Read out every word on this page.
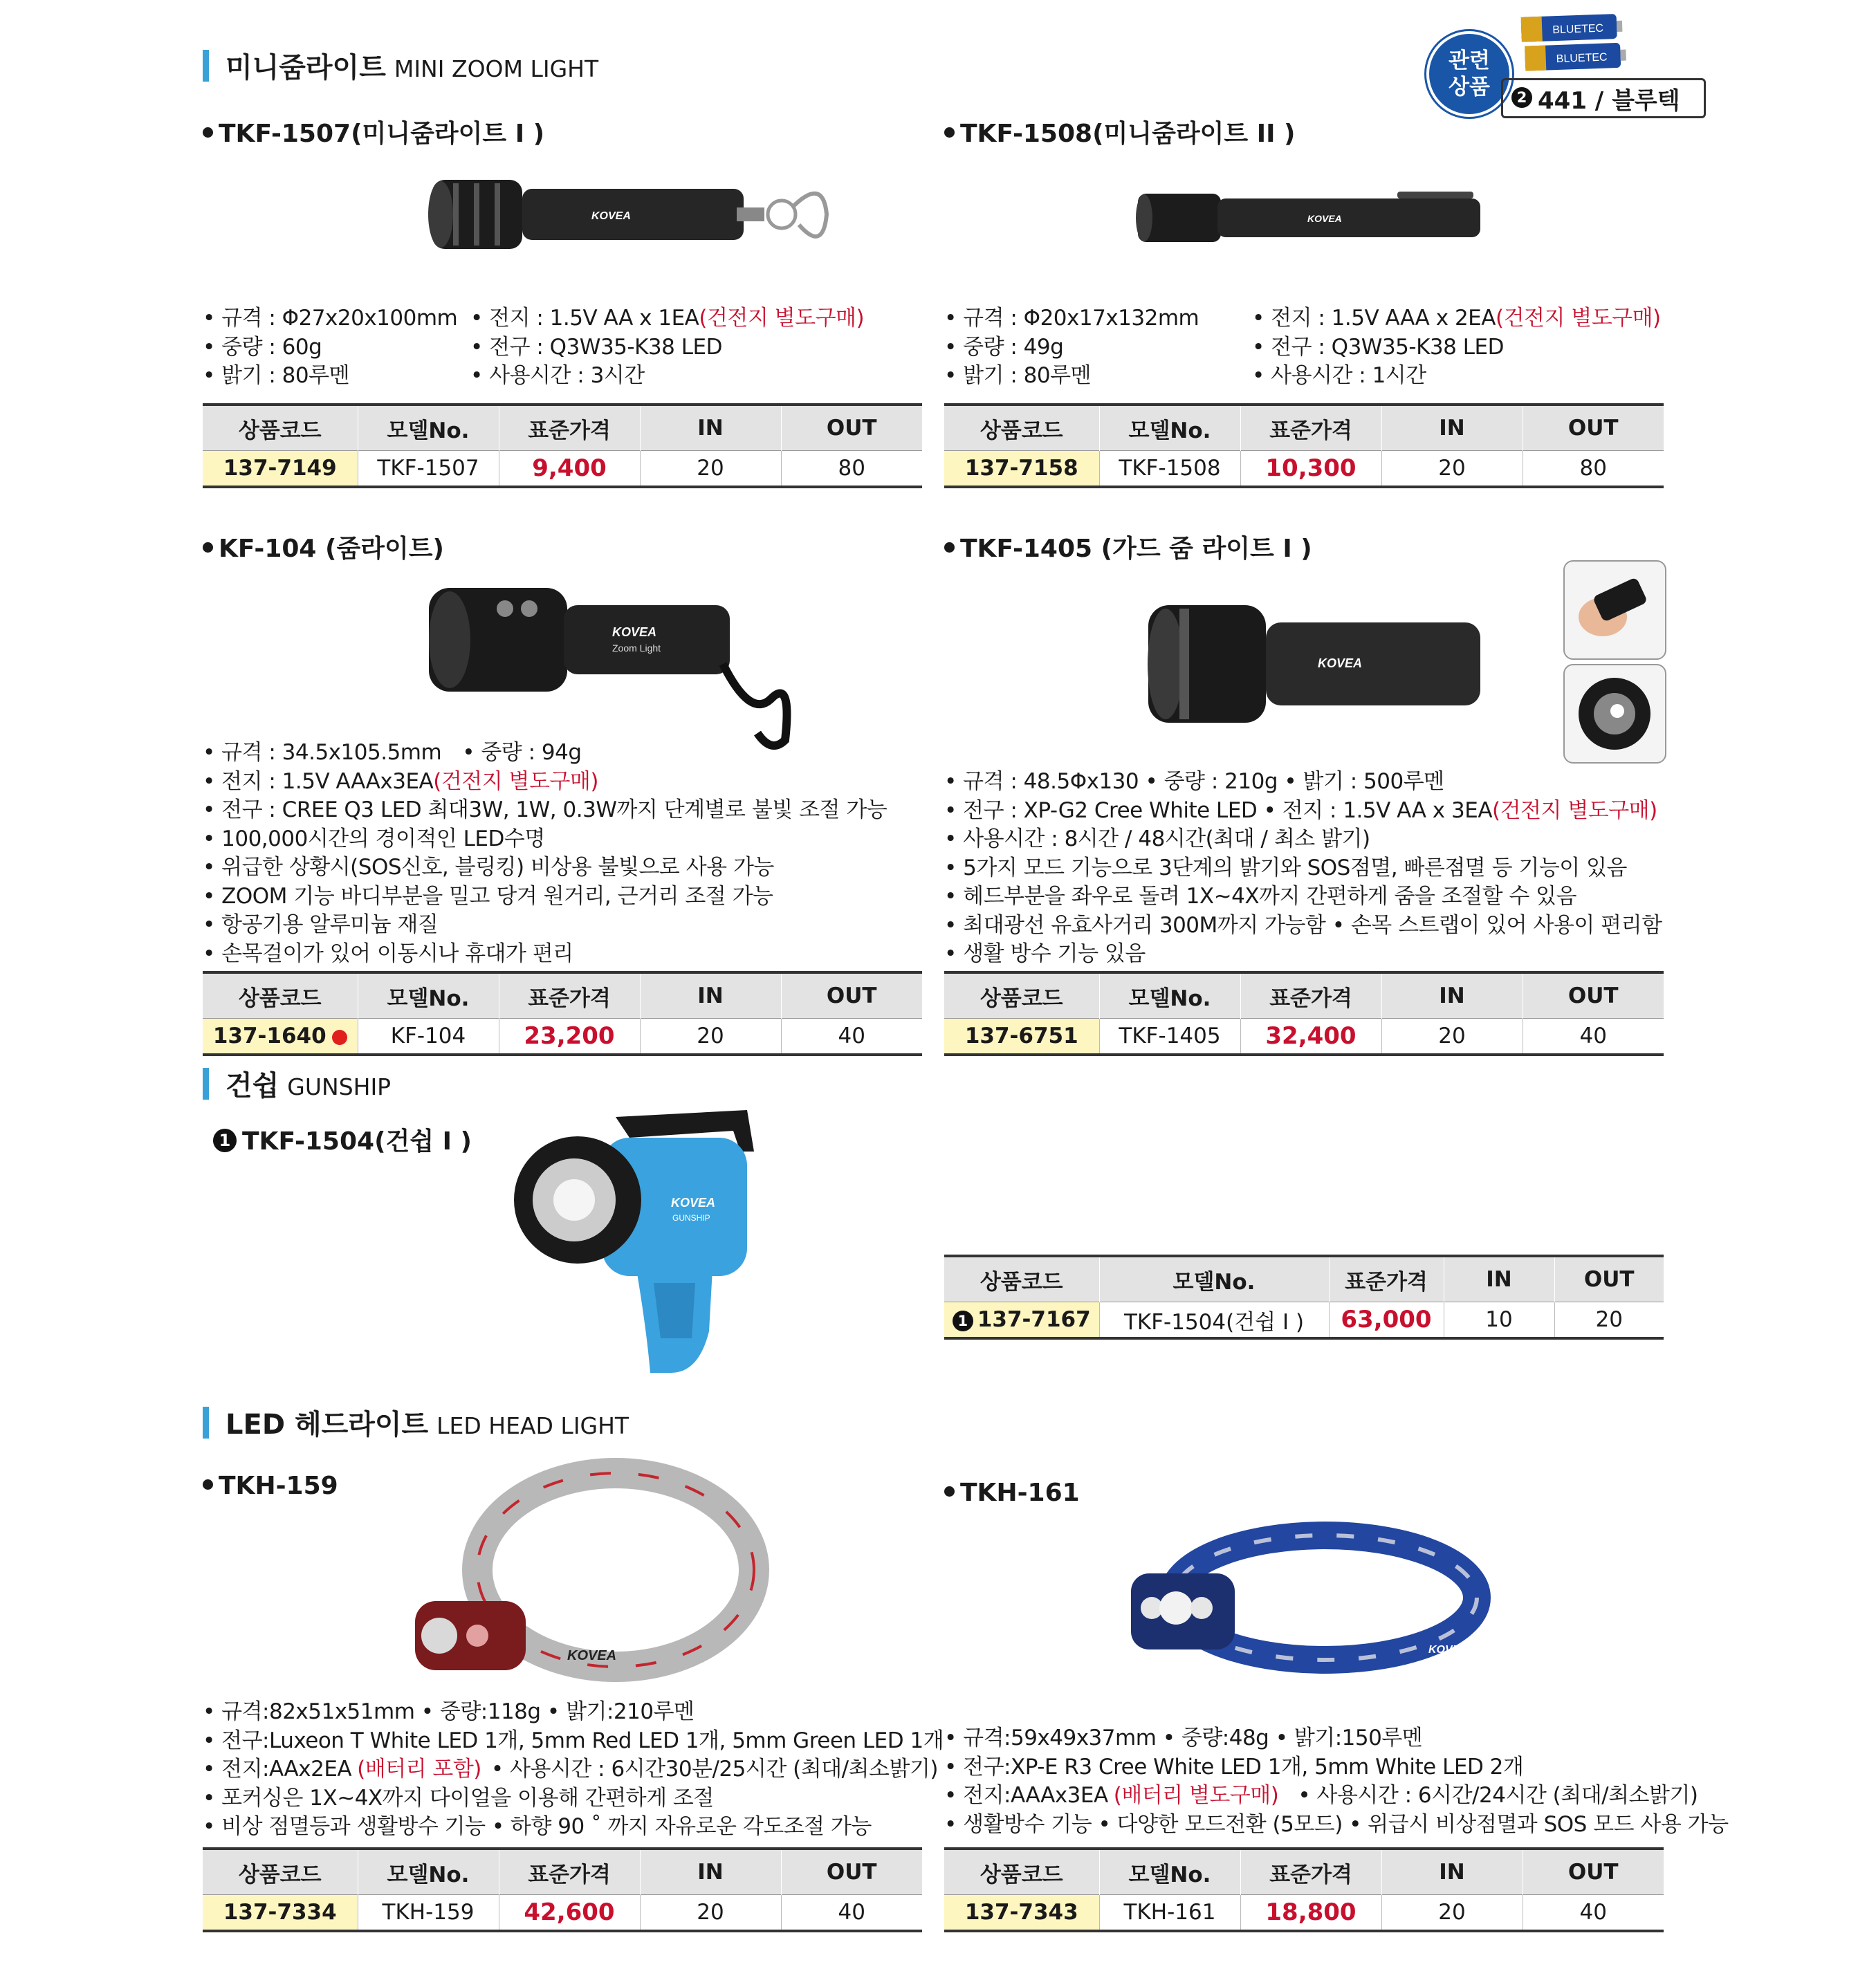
관련
상품	2 441 / 블루텍
BLUETEC
BLUETEC
미니줌라이트 MINI ZOOM LIGHT
TKF-1507(미니줌라이트 I )
KOVEA
• 규격 : Φ27x20x100mm
• 중량 : 60g
• 밝기 : 80루멘
• 전지 : 1.5V AA x 1EA(건전지 별도구매)
• 전구 : Q3W35-K38 LED
• 사용시간 : 3시간
상품코드	모델No.	표준가격	IN	OUT
137-7149	TKF-1507	9,400	20	80
TKF-1508(미니줌라이트 II )
KOVEA
• 규격 : Φ20x17x132mm
• 중량 : 49g
• 밝기 : 80루멘
• 전지 : 1.5V AAA x 2EA(건전지 별도구매)
• 전구 : Q3W35-K38 LED
• 사용시간 : 1시간
상품코드	모델No.	표준가격	IN	OUT
137-7158	TKF-1508	10,300	20	80
KF-104 (줌라이트)
KOVEA
Zoom Light
• 규격 : 34.5x105.5mm • 중량 : 94g
• 전지 : 1.5V AAAx3EA(건전지 별도구매)
• 전구 : CREE Q3 LED 최대3W, 1W, 0.3W까지 단계별로 불빛 조절 가능
• 100,000시간의 경이적인 LED수명
• 위급한 상황시(SOS신호, 블링킹) 비상용 불빛으로 사용 가능
• ZOOM 기능 바디부분을 밀고 당겨 원거리, 근거리 조절 가능
• 항공기용 알루미늄 재질
• 손목걸이가 있어 이동시나 휴대가 편리
상품코드	모델No.	표준가격	IN	OUT
137-1640	KF-104	23,200	20	40
TKF-1405 (가드 줌 라이트 I )
KOVEA
• 규격 : 48.5Φx130 • 중량 : 210g • 밝기 : 500루멘
• 전구 : XP-G2 Cree White LED • 전지 : 1.5V AA x 3EA(건전지 별도구매)
• 사용시간 : 8시간 / 48시간(최대 / 최소 밝기)
• 5가지 모드 기능으로 3단계의 밝기와 SOS점멸, 빠른점멸 등 기능이 있음
• 헤드부분을 좌우로 돌려 1X~4X까지 간편하게 줌을 조절할 수 있음
• 최대광선 유효사거리 300M까지 가능함 • 손목 스트랩이 있어 사용이 편리함
• 생활 방수 기능 있음
상품코드	모델No.	표준가격	IN	OUT
137-6751	TKF-1405	32,400	20	40
건쉽 GUNSHIP
1 TKF-1504(건쉽 I )
KOVEA
GUNSHIP
상품코드	모델No.	표준가격	IN	OUT
1 137-7167	TKF-1504(건쉽 I )	63,000	10	20
LED 헤드라이트 LED HEAD LIGHT
TKH-159
KOVEA
• 규격:82x51x51mm • 중량:118g • 밝기:210루멘
• 전구:Luxeon T White LED 1개, 5mm Red LED 1개, 5mm Green LED 1개
• 전지:AAx2EA (배터리 포함) • 사용시간 : 6시간30분/25시간 (최대/최소밝기)
• 포커싱은 1X~4X까지 다이얼을 이용해 간편하게 조절
• 비상 점멸등과 생활방수 기능 • 하향 90 ˚ 까지 자유로운 각도조절 가능
상품코드	모델No.	표준가격	IN	OUT
137-7334	TKH-159	42,600	20	40
TKH-161
KOVEA
• 규격:59x49x37mm • 중량:48g • 밝기:150루멘
• 전구:XP-E R3 Cree White LED 1개, 5mm White LED 2개
• 전지:AAAx3EA (배터리 별도구매) • 사용시간 : 6시간/24시간 (최대/최소밝기)
• 생활방수 기능 • 다양한 모드전환 (5모드) • 위급시 비상점멸과 SOS 모드 사용 가능
상품코드	모델No.	표준가격	IN	OUT
137-7343	TKH-161	18,800	20	40
